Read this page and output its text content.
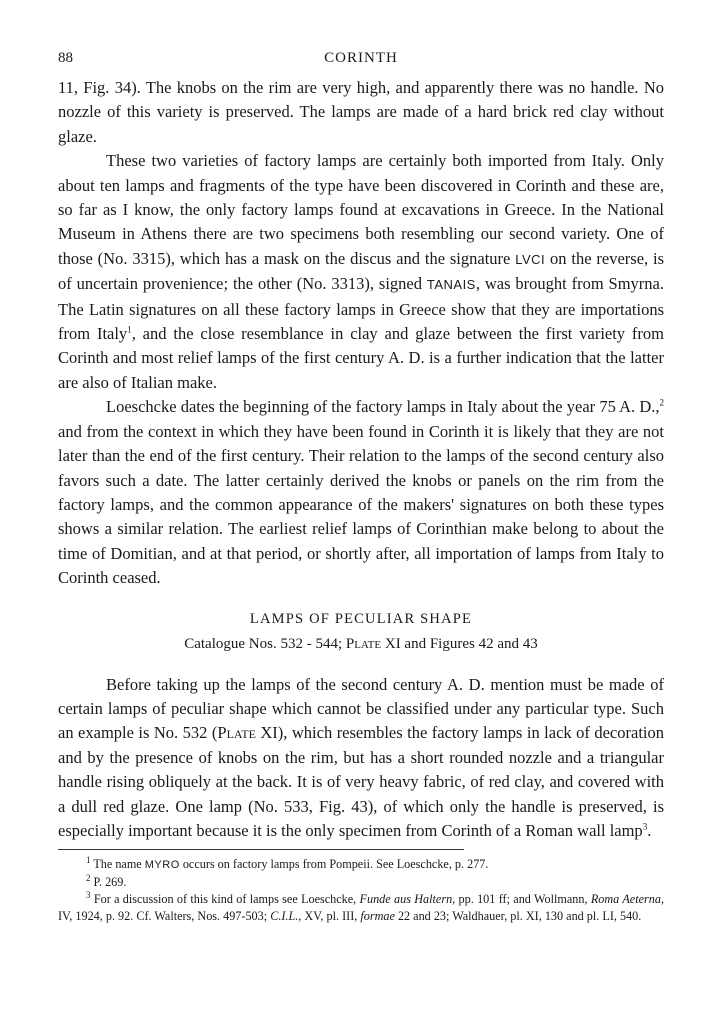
88	CORINTH

11, Fig. 34). The knobs on the rim are very high, and apparently there was no handle. No nozzle of this variety is preserved. The lamps are made of a hard brick red clay without glaze.

These two varieties of factory lamps are certainly both imported from Italy. Only about ten lamps and fragments of the type have been discovered in Corinth and these are, so far as I know, the only factory lamps found at excavations in Greece. In the National Museum in Athens there are two specimens both resembling our second variety. One of those (No. 3315), which has a mask on the discus and the signature LVCI on the reverse, is of uncertain provenience; the other (No. 3313), signed TANAIS, was brought from Smyrna. The Latin signatures on all these factory lamps in Greece show that they are importations from Italy$^1$, and the close resemblance in clay and glaze between the first variety from Corinth and most relief lamps of the first century A. D. is a further indication that the latter are also of Italian make.

Loeschcke dates the beginning of the factory lamps in Italy about the year 75 A. D.,$^2$ and from the context in which they have been found in Corinth it is likely that they are not later than the end of the first century. Their relation to the lamps of the second century also favors such a date. The latter certainly derived the knobs or panels on the rim from the factory lamps, and the common appearance of the makers' signatures on both these types shows a similar relation. The earliest relief lamps of Corinthian make belong to about the time of Domitian, and at that period, or shortly after, all importation of lamps from Italy to Corinth ceased.

LAMPS OF PECULIAR SHAPE
Catalogue Nos. 532 - 544; Plate XI and Figures 42 and 43

Before taking up the lamps of the second century A. D. mention must be made of certain lamps of peculiar shape which cannot be classified under any particular type. Such an example is No. 532 (Plate XI), which resembles the factory lamps in lack of decoration and by the presence of knobs on the rim, but has a short rounded nozzle and a triangular handle rising obliquely at the back. It is of very heavy fabric, of red clay, and covered with a dull red glaze. One lamp (No. 533, Fig. 43), of which only the handle is preserved, is especially important because it is the only specimen from Corinth of a Roman wall lamp$^3$.

$^1$ The name MYRO occurs on factory lamps from Pompeii. See Loeschcke, p. 277.

$^2$ P. 269.

$^3$ For a discussion of this kind of lamps see Loeschcke, Funde aus Haltern, pp. 101 ff; and Wollmann, Roma Aeterna, IV, 1924, p. 92. Cf. Walters, Nos. 497-503; C.I.L., XV, pl. III, formae 22 and 23; Waldhauer, pl. XI, 130 and pl. LI, 540.
